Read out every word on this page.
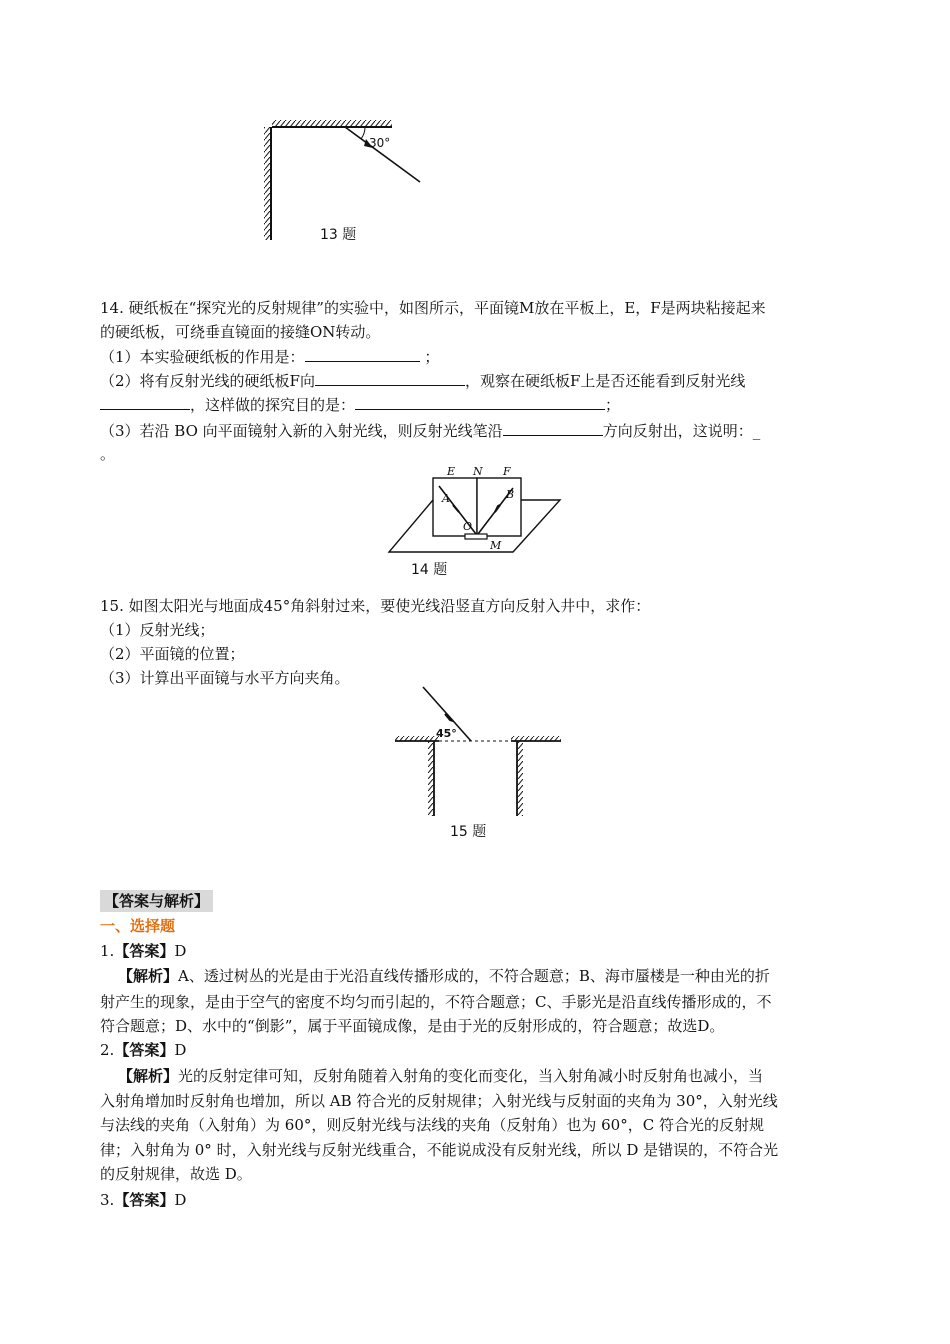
30°
13 题
14. 硬纸板在“探究光的反射规律”的实验中，如图所示，平面镜M放在平板上，E，F是两块粘接起来
的硬纸板，可绕垂直镜面的接缝ON转动。
（1）本实验硬纸板的作用是：	；
（2）将有反射光线的硬纸板F向	，观察在硬纸板F上是否还能看到反射光线
，这样做的探究目的是：	；
（3）若沿 BO 向平面镜射入新的入射光线，则反射光线笔沿	方向反射出，这说明：_
。
E N F
A	B
O
M
14 题
15. 如图太阳光与地面成45°角斜射过来，要使光线沿竖直方向反射入井中，求作：
（1）反射光线；
（2）平面镜的位置；
（3）计算出平面镜与水平方向夹角。
45°
15 题
【答案与解析】
一、选择题
1.【答案】D
【解析】A、透过树丛的光是由于光沿直线传播形成的，不符合题意；B、海市蜃楼是一种由光的折
射产生的现象，是由于空气的密度不均匀而引起的，不符合题意；C、手影光是沿直线传播形成的，不
符合题意；D、水中的“倒影”，属于平面镜成像，是由于光的反射形成的，符合题意；故选D。
2.【答案】D
【解析】光的反射定律可知，反射角随着入射角的变化而变化，当入射角减小时反射角也减小，当
入射角增加时反射角也增加，所以 AB 符合光的反射规律；入射光线与反射面的夹角为 30°，入射光线
与法线的夹角（入射角）为 60°，则反射光线与法线的夹角（反射角）也为 60°，C 符合光的反射规
律；入射角为 0° 时，入射光线与反射光线重合，不能说成没有反射光线，所以 D 是错误的，不符合光
的反射规律，故选 D。
3.【答案】D
